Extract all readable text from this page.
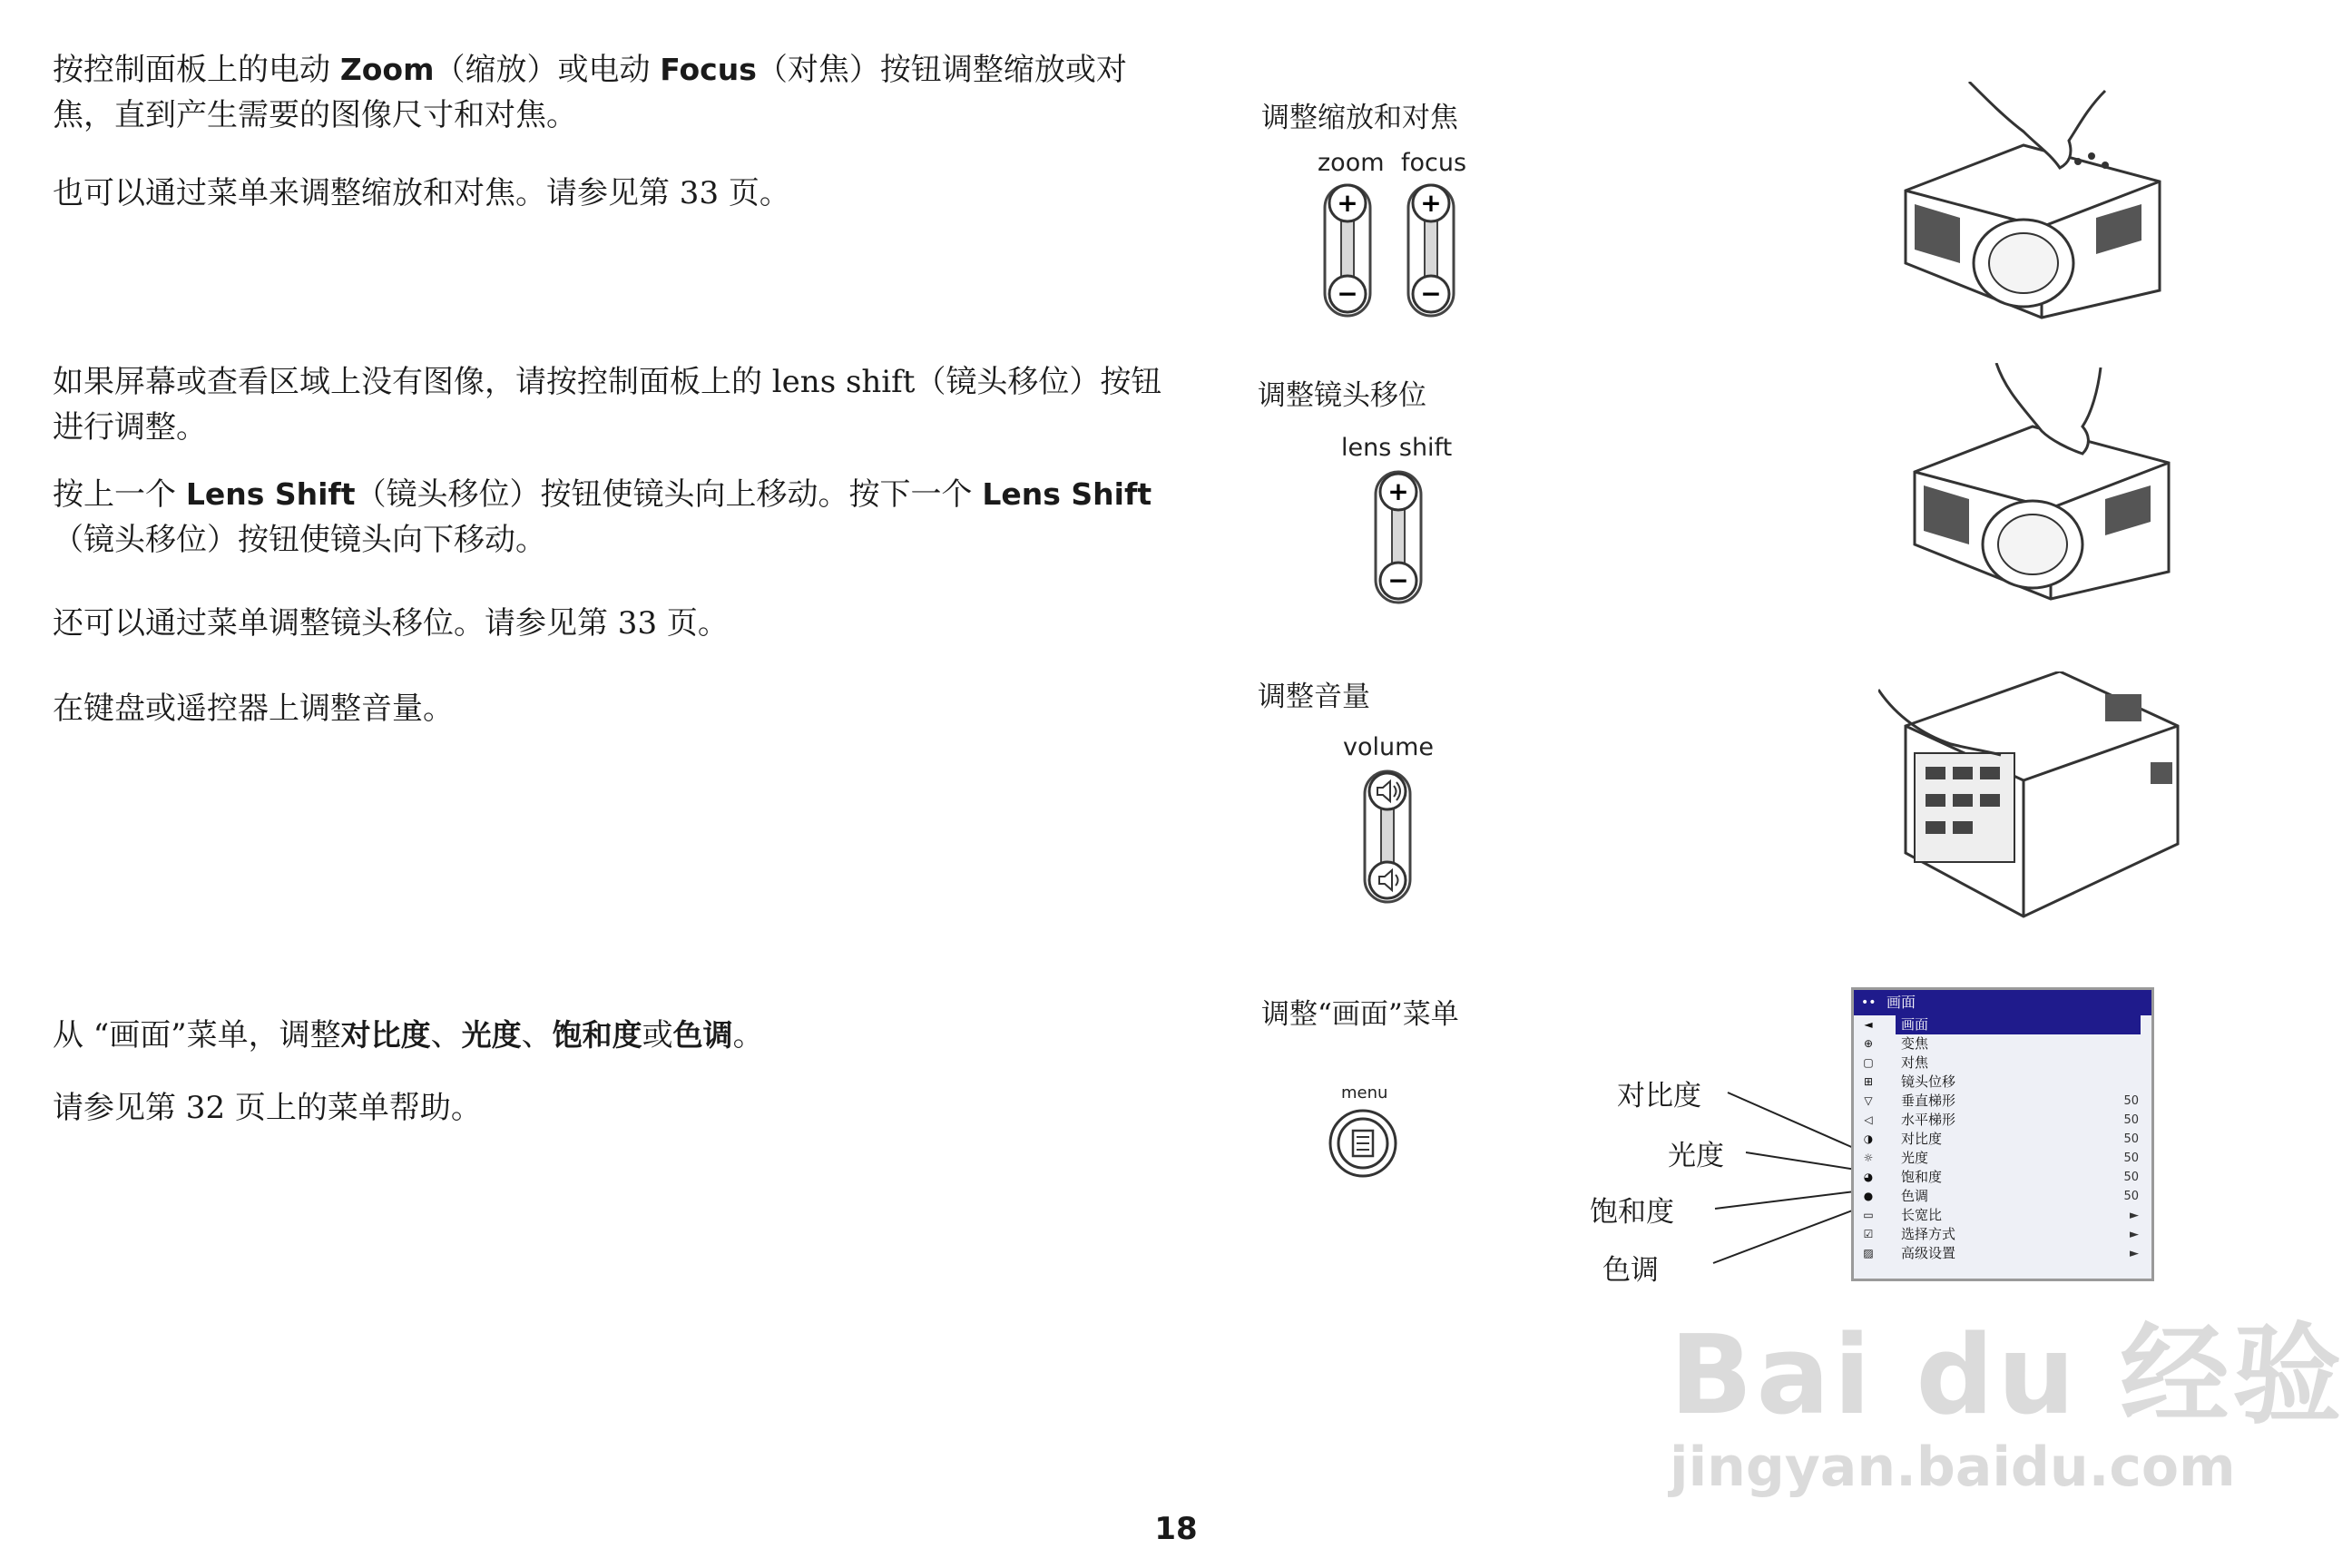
按控制面板上的电动 Zoom（缩放）或电动 Focus（对焦）按钮调整缩放或对焦，直到产生需要的图像尺寸和对焦。
也可以通过菜单来调整缩放和对焦。请参见第 33 页。
如果屏幕或查看区域上没有图像，请按控制面板上的 lens shift（镜头移位）按钮进行调整。
按上一个 Lens Shift（镜头移位）按钮使镜头向上移动。按下一个 Lens Shift（镜头移位）按钮使镜头向下移动。
还可以通过菜单调整镜头移位。请参见第 33 页。
在键盘或遥控器上调整音量。
从 “画面”菜单，调整对比度、光度、饱和度或色调。
请参见第 32 页上的菜单帮助。
调整缩放和对焦
zoom focus
+
−
+
−
调整镜头移位
lens shift
+
−
调整音量
volume
调整“画面”菜单
menu	对比度
光度
饱和度
色调
•• 画面
◄	画面
⊕ 变焦
▢ 对焦
⊞ 镜头位移
▽ 垂直梯形	50
◁ 水平梯形	50
◑ 对比度	50
☼ 光度	50
◕ 饱和度	50
● 色调	50
▭ 长宽比	►
☑ 选择方式	►
▨ 高级设置	►
Bai du 经验
jingyan.baidu.com
18
